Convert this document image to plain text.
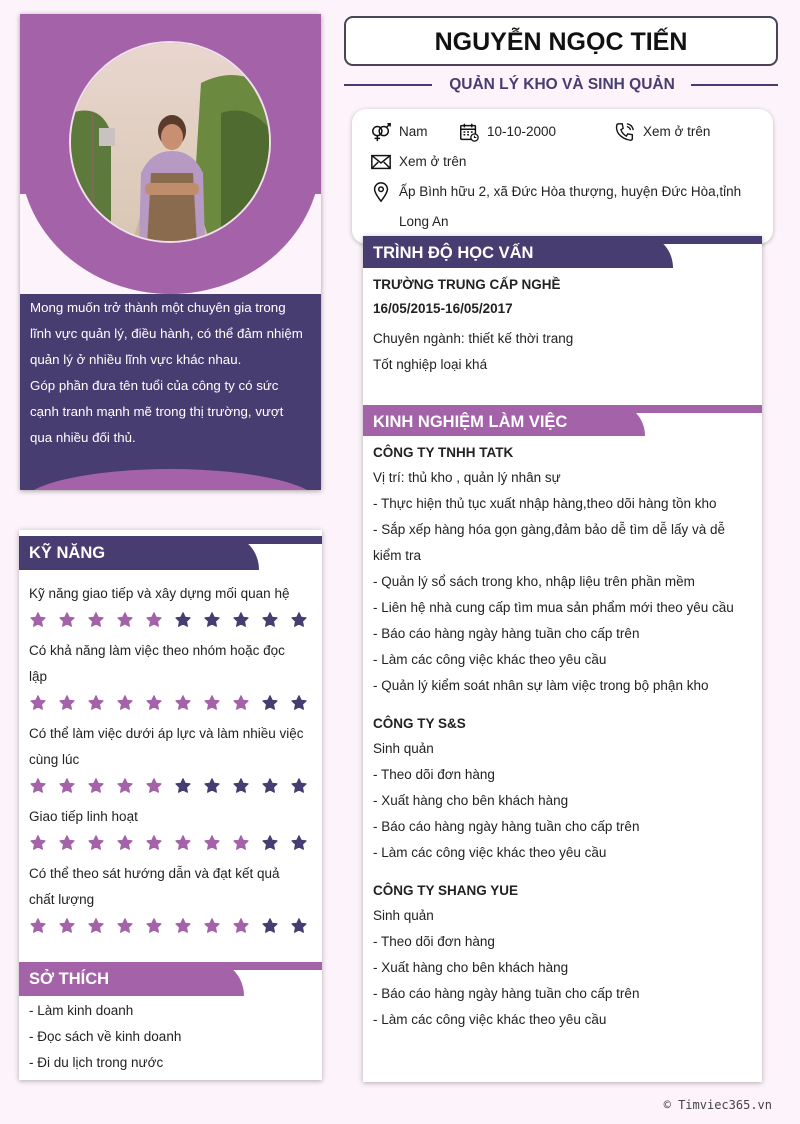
Mong muốn trở thành một chuyên gia trong
lĩnh vực quản lý, điều hành, có thể đảm nhiệm
quản lý ở nhiều lĩnh vực khác nhau.

Góp phần đưa tên tuổi của công ty có sức
cạnh tranh mạnh mẽ trong thị trường, vượt
qua nhiều đối thủ.

KỸ NĂNG
Kỹ năng giao tiếp và xây dựng mối quan hệ
Có khả năng làm việc theo nhóm hoặc đọc
lập
Có thể làm việc dưới áp lực và làm nhiều việc
cùng lúc
Giao tiếp linh hoạt
Có thể theo sát hướng dẫn và đạt kết quả
chất lượng
SỞ THÍCH
- Làm kinh doanh
- Đọc sách về kinh doanh
- Đi du lịch trong nước
NGUYỄN NGỌC TIẾN
QUẢN LÝ KHO VÀ SINH QUẢN
Nam	10-10-2000	Xem ở trên
Xem ở trên
Ấp Bình hữu 2, xã Đức Hòa thượng, huyện Đức Hòa,tỉnh
Long An
TRÌNH ĐỘ HỌC VẤN
TRƯỜNG TRUNG CẤP NGHỀ
16/05/2015-16/05/2017
Chuyên ngành: thiết kế thời trang
Tốt nghiệp loại khá
KINH NGHIỆM LÀM VIỆC
CÔNG TY TNHH TATK
Vị trí: thủ kho , quản lý nhân sự
- Thực hiện thủ tục xuất nhập hàng,theo dõi hàng tồn kho
- Sắp xếp hàng hóa gọn gàng,đảm bảo dễ tìm dễ lấy và dễ
kiểm tra
- Quản lý sổ sách trong kho, nhập liệu trên phần mềm
- Liên hệ nhà cung cấp tìm mua sản phẩm mới theo yêu cầu
- Báo cáo hàng ngày hàng tuần cho cấp trên
- Làm các công việc khác theo yêu cầu
- Quản lý kiểm soát nhân sự làm việc trong bộ phận kho
CÔNG TY S&S
Sinh quản
- Theo dõi đơn hàng
- Xuất hàng cho bên khách hàng
- Báo cáo hàng ngày hàng tuần cho cấp trên
- Làm các công việc khác theo yêu cầu
CÔNG TY SHANG YUE
Sinh quản
- Theo dõi đơn hàng
- Xuất hàng cho bên khách hàng
- Báo cáo hàng ngày hàng tuần cho cấp trên
- Làm các công việc khác theo yêu cầu
© Timviec365.vn
